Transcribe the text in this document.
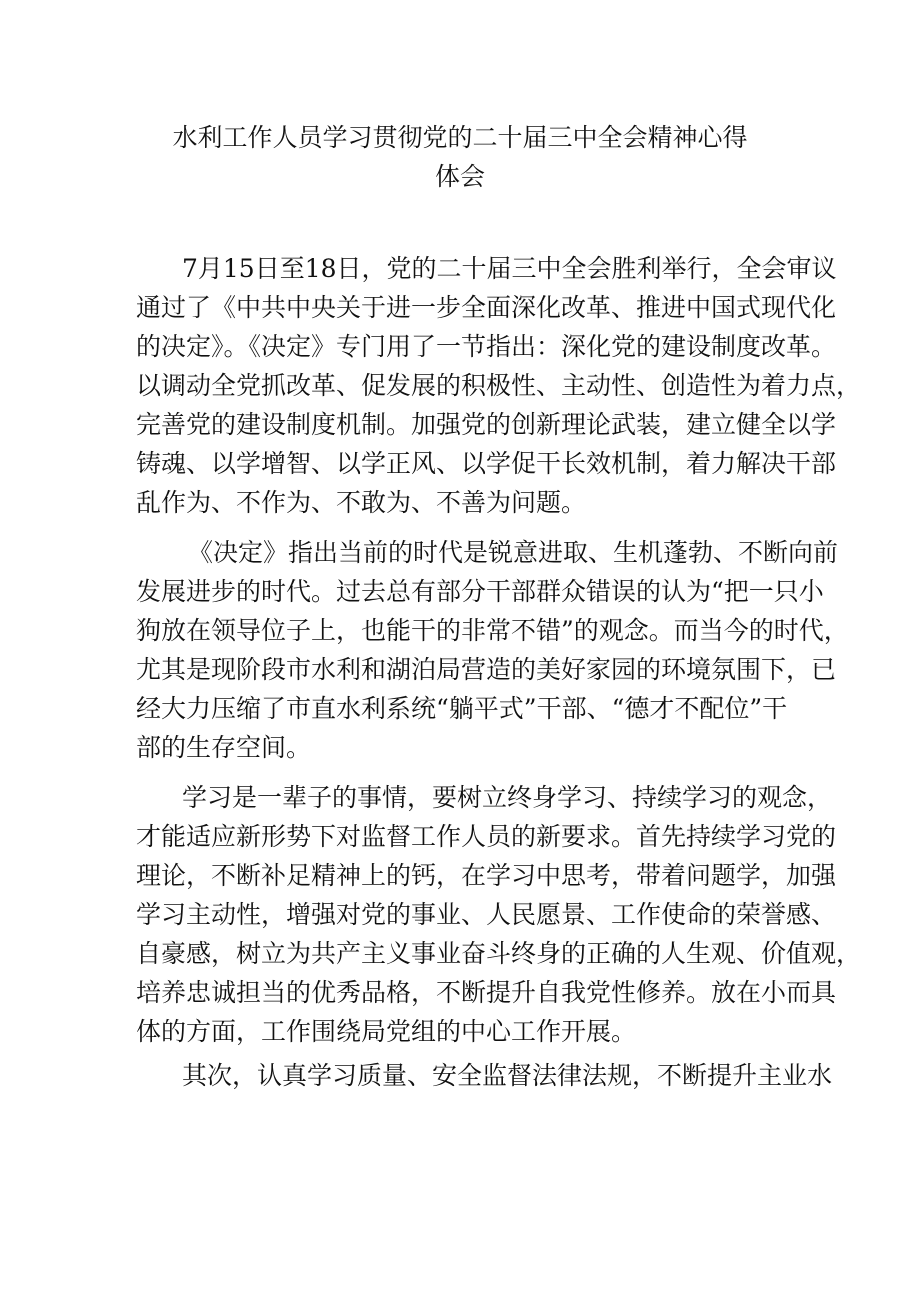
水利工作人员学习贯彻党的二十届三中全会精神心得
体会
7月15日至18日，党的二十届三中全会胜利举行，全会审议
通过了《中共中央关于进一步全面深化改革、推进中国式现代化
的决定》。《决定》专门用了一节指出：深化党的建设制度改革。
以调动全党抓改革、促发展的积极性、主动性、创造性为着力点，
完善党的建设制度机制。加强党的创新理论武装，建立健全以学
铸魂、以学增智、以学正风、以学促干长效机制，着力解决干部
乱作为、不作为、不敢为、不善为问题。
《决定》指出当前的时代是锐意进取、生机蓬勃、不断向前
发展进步的时代。过去总有部分干部群众错误的认为“把一只小
狗放在领导位子上，也能干的非常不错”的观念。而当今的时代，
尤其是现阶段市水利和湖泊局营造的美好家园的环境氛围下，已
经大力压缩了市直水利系统“躺平式”干部、“德才不配位”干
部的生存空间。
学习是一辈子的事情，要树立终身学习、持续学习的观念，
才能适应新形势下对监督工作人员的新要求。首先持续学习党的
理论，不断补足精神上的钙，在学习中思考，带着问题学，加强
学习主动性，增强对党的事业、人民愿景、工作使命的荣誉感、
自豪感，树立为共产主义事业奋斗终身的正确的人生观、价值观，
培养忠诚担当的优秀品格，不断提升自我党性修养。放在小而具
体的方面，工作围绕局党组的中心工作开展。
其次，认真学习质量、安全监督法律法规，不断提升主业水
